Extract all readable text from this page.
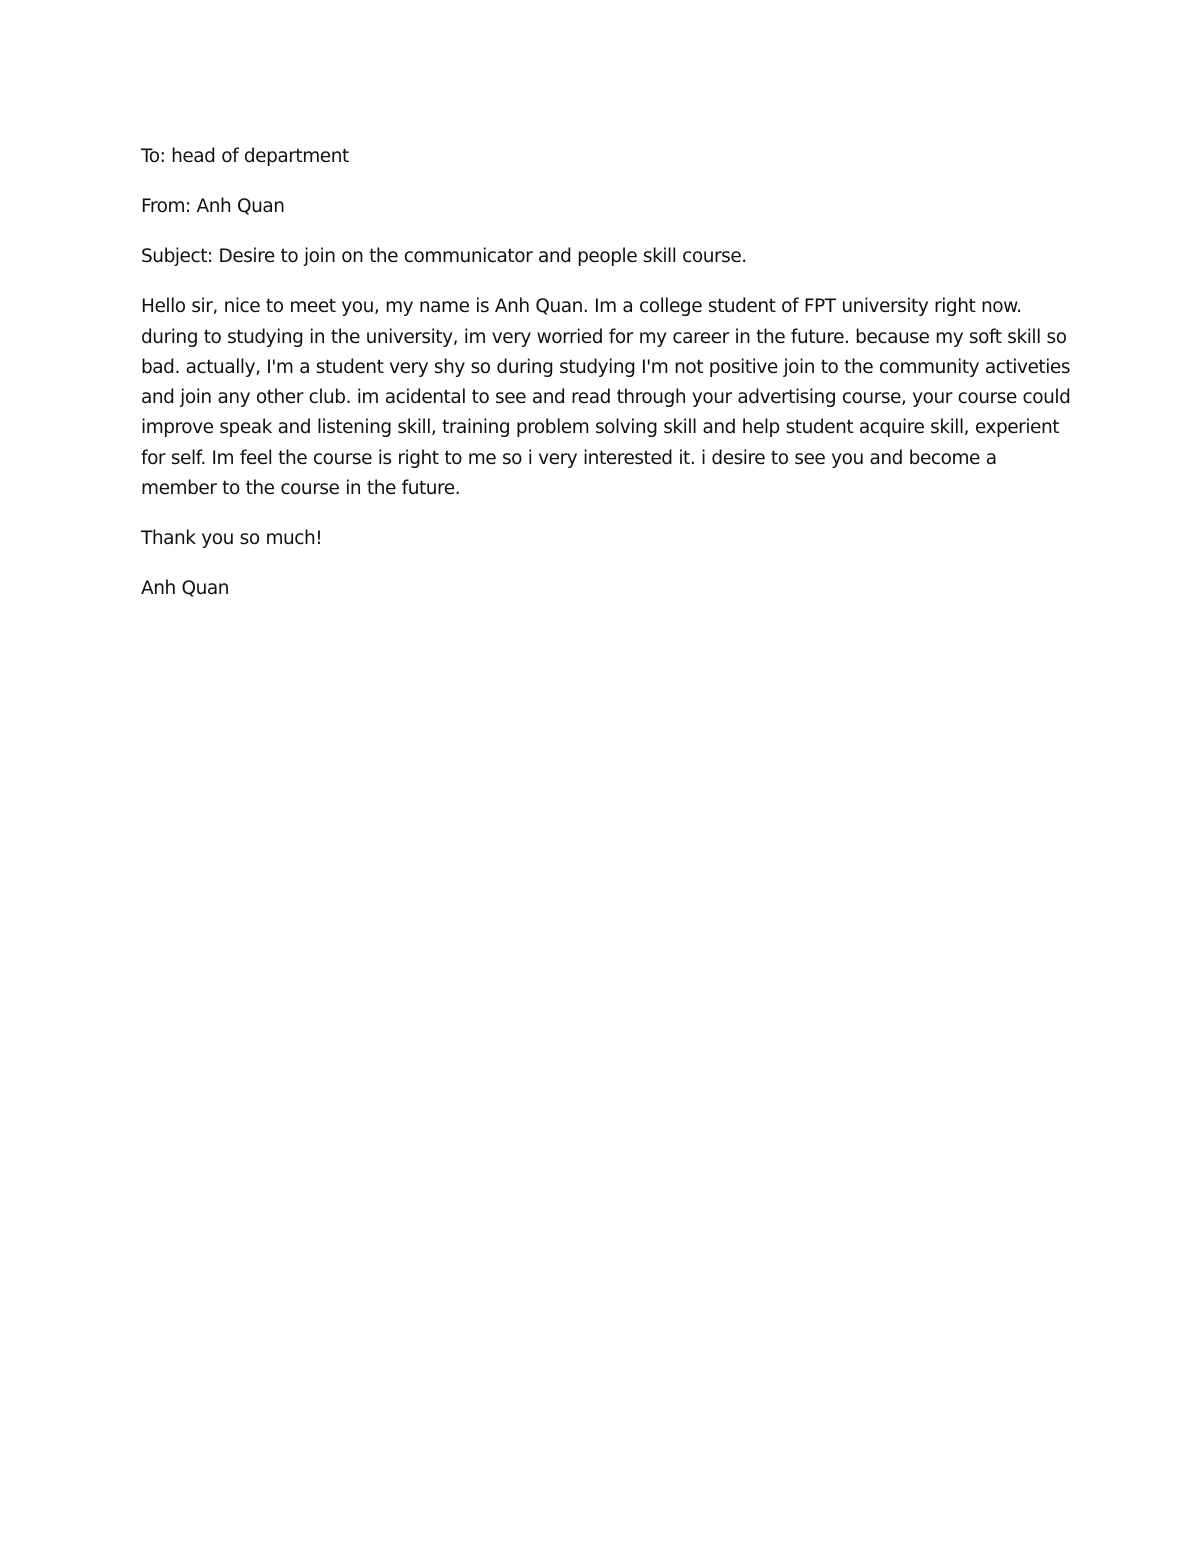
To: head of department

From: Anh Quan

Subject: Desire to join on the communicator and people skill course.

Hello sir, nice to meet you, my name is Anh Quan. Im a college student of FPT university right now.
during to studying in the university, im very worried for my career in the future. because my soft skill so
bad. actually, I'm a student very shy so during studying I'm not positive join to the community activeties
and join any other club. im acidental to see and read through your advertising course, your course could
improve speak and listening skill, training problem solving skill and help student acquire skill, experient
for self. Im feel the course is right to me so i very interested it. i desire to see you and become a
member to the course in the future.

Thank you so much!

Anh Quan
